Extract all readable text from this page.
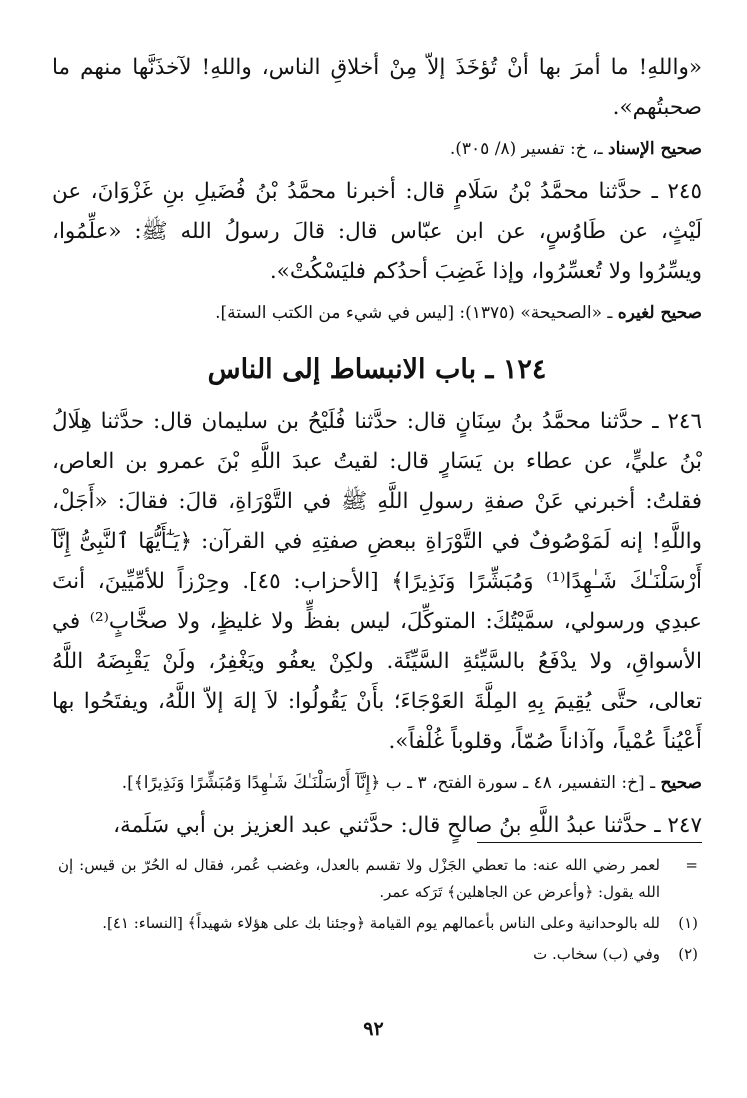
«واللهِ! ما أمرَ بها أنْ تُؤخَذَ إلاّ مِنْ أخلاقِ الناس، واللهِ! لآخذَنَّها منهم ما صحبتُهم».

صحيح الإسناد ـ، خ: تفسير (٨/ ٣٠٥).

٢٤٥ ـ حدَّثنا محمَّدُ بْنُ سَلَامٍ قال: أخبرنا محمَّدُ بْنُ فُضَيلِ بنِ غَزْوَانَ، عن لَيْثٍ، عن طَاوُسٍ، عن ابن عبّاس قال: قالَ رسولُ الله ﷺ: «علِّمُوا، ويسِّرُوا ولا تُعسِّرُوا، وإذا غَضِبَ أحدُكم فليَسْكُتْ».

صحيح لغيره ـ «الصحيحة» (١٣٧٥): [ليس في شيء من الكتب الستة].

١٢٤ ـ باب الانبساط إلى الناس

٢٤٦ ـ حدَّثنا محمَّدُ بنُ سِنَانٍ قال: حدَّثنا فُلَيْحُ بن سليمان قال: حدَّثنا هِلَالُ بْنُ عليٍّ، عن عطاء بن يَسَارٍ قال: لقيتُ عبدَ اللَّهِ بْنَ عمرو بن العاص، فقلتُ: أخبرني عَنْ صفةِ رسولِ اللَّهِ ﷺ في التَّوْرَاةِ، قالَ: فقالَ: «أَجَلْ، واللَّهِ! إنه لَمَوْصُوفٌ في التَّوْرَاةِ ببعضِ صفتِهِ في القرآن: ﴿يَـٰٓأَيُّهَا ٱلنَّبِىُّ إِنَّآ أَرْسَلْنَـٰكَ شَـٰهِدًا⁽¹⁾ وَمُبَشِّرًا وَنَذِيرًا﴾ [الأحزاب: ٤٥]. وحِرْزاً للأمِّيِّينَ، أنتَ عبدِي ورسولي، سمَّيْتُكَ: المتوكِّلَ، ليس بفظٍّ ولا غليظٍ، ولا صخَّابٍ⁽²⁾ في الأسواقِ، ولا يدْفَعُ بالسَّيِّئةِ السَّيِّئَة. ولكِنْ يعفُو ويَغْفِرُ، ولَنْ يَقْبِضَهُ اللَّهُ تعالى، حتَّى يُقِيمَ بِهِ المِلَّةَ العَوْجَاءَ؛ بأَنْ يَقُولُوا: لاَ إلهَ إلاّ اللَّهُ، ويفتَحُوا بها أَعْيُناً عُمْياً، وآذاناً صُمّاً، وقلوباً غُلْفاً».

صحيح ـ [خ: التفسير، ٤٨ ـ سورة الفتح، ٣ ـ ب ﴿إِنَّآ أَرْسَلْنَـٰكَ شَـٰهِدًا وَمُبَشِّرًا وَنَذِيرًا﴾].

٢٤٧ ـ حدَّثنا عبدُ اللَّهِ بنُ صالحٍ قال: حدَّثني عبد العزيز بن أبي سَلَمة،

=
لعمر رضي الله عنه: ما تعطي الجَزْل ولا تقسم بالعدل، وغضب عُمر، فقال له الحُرّ بن قيس: إن الله يقول: ﴿وأعرض عن الجاهلين﴾ تَرَكه عمر.
(١)
لله بالوحدانية وعلى الناس بأعمالهم يوم القيامة ﴿وجئنا بك على هؤلاء شهيداً﴾ [النساء: ٤١].
(٢)
وفي (ب) سخاب. ت
٩٢
